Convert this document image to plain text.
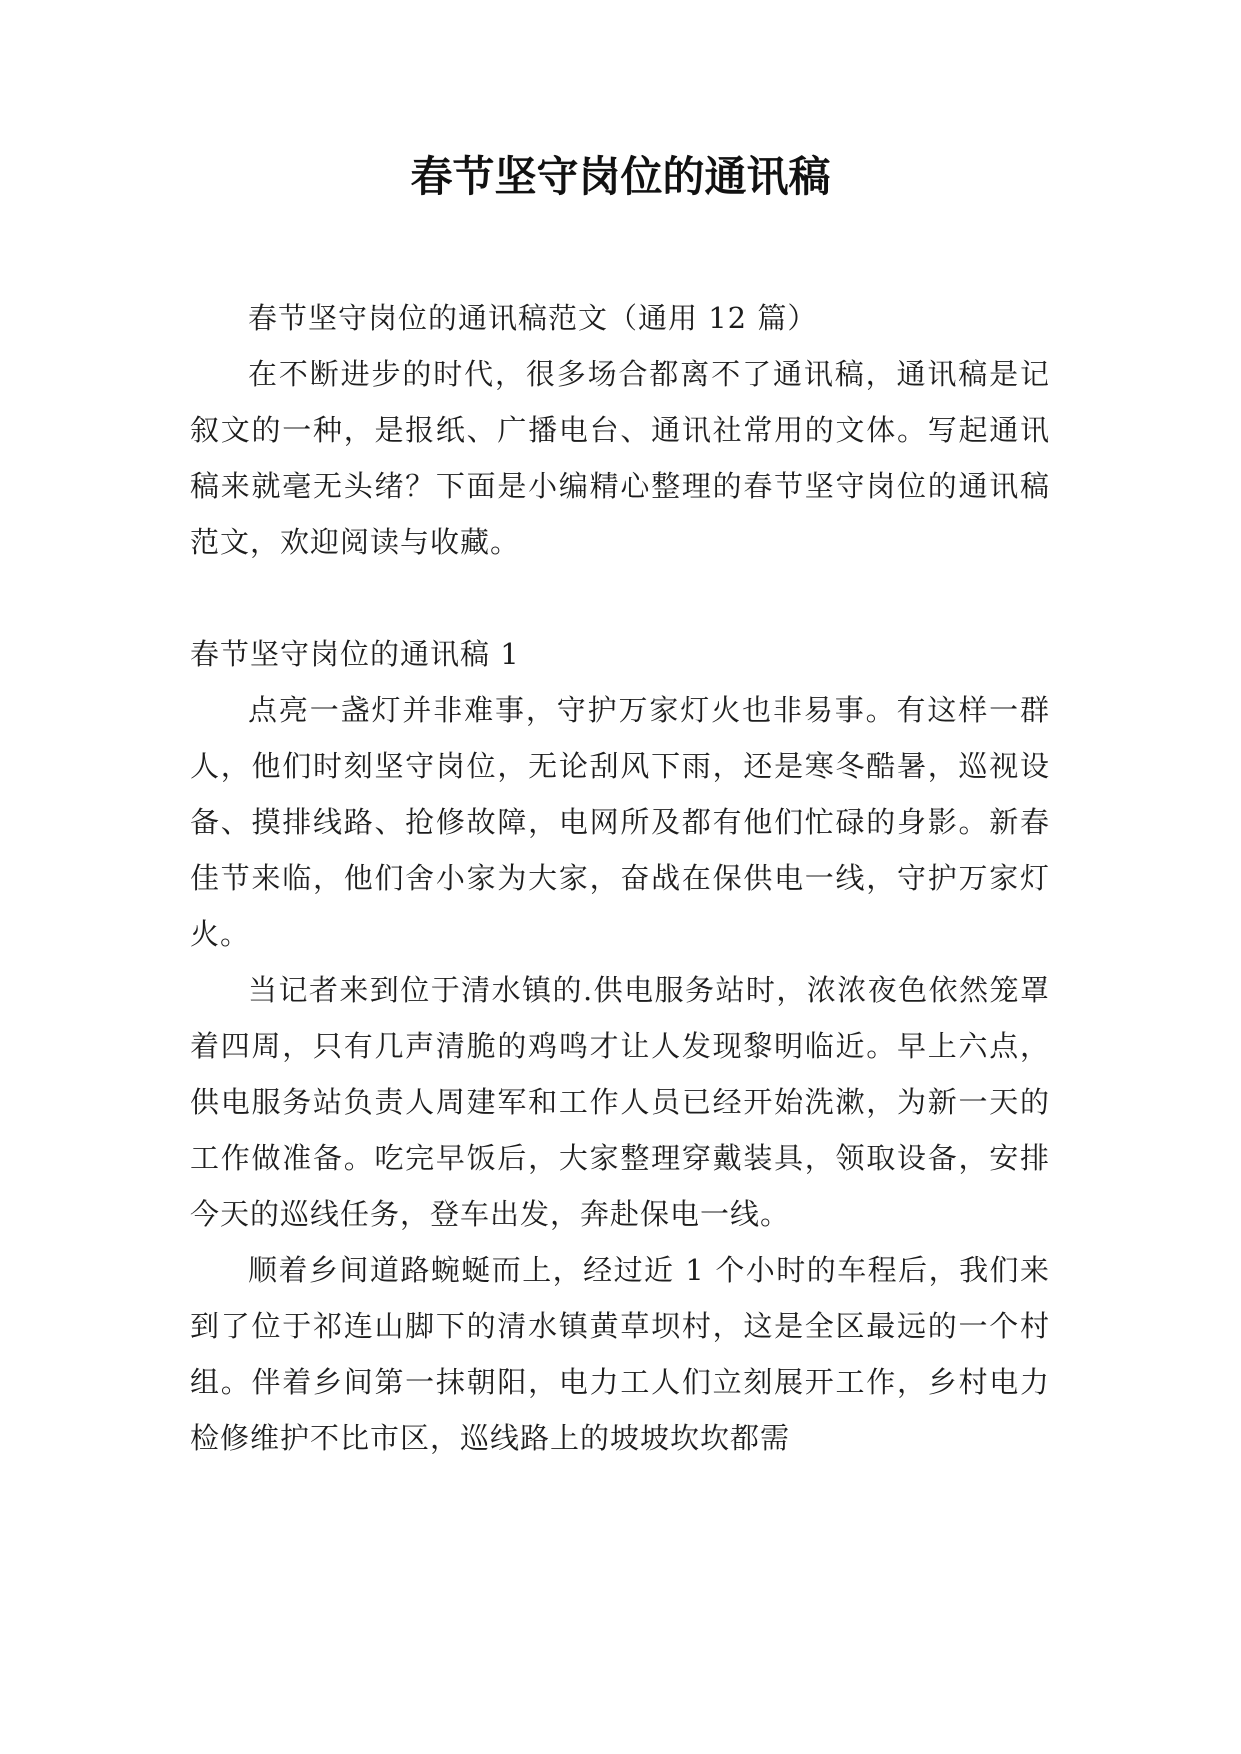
春节坚守岗位的通讯稿

春节坚守岗位的通讯稿范文（通用 12 篇）

在不断进步的时代，很多场合都离不了通讯稿，通讯稿是记叙文的一种，是报纸、广播电台、通讯社常用的文体。写起通讯稿来就毫无头绪？下面是小编精心整理的春节坚守岗位的通讯稿范文，欢迎阅读与收藏。

春节坚守岗位的通讯稿 1

点亮一盏灯并非难事，守护万家灯火也非易事。有这样一群人，他们时刻坚守岗位，无论刮风下雨，还是寒冬酷暑，巡视设备、摸排线路、抢修故障，电网所及都有他们忙碌的身影。新春佳节来临，他们舍小家为大家，奋战在保供电一线，守护万家灯火。

当记者来到位于清水镇的.供电服务站时，浓浓夜色依然笼罩着四周，只有几声清脆的鸡鸣才让人发现黎明临近。早上六点，供电服务站负责人周建军和工作人员已经开始洗漱，为新一天的工作做准备。吃完早饭后，大家整理穿戴装具，领取设备，安排今天的巡线任务，登车出发，奔赴保电一线。

顺着乡间道路蜿蜒而上，经过近 1 个小时的车程后，我们来到了位于祁连山脚下的清水镇黄草坝村，这是全区最远的一个村组。伴着乡间第一抹朝阳，电力工人们立刻展开工作，乡村电力检修维护不比市区，巡线路上的坡坡坎坎都需
